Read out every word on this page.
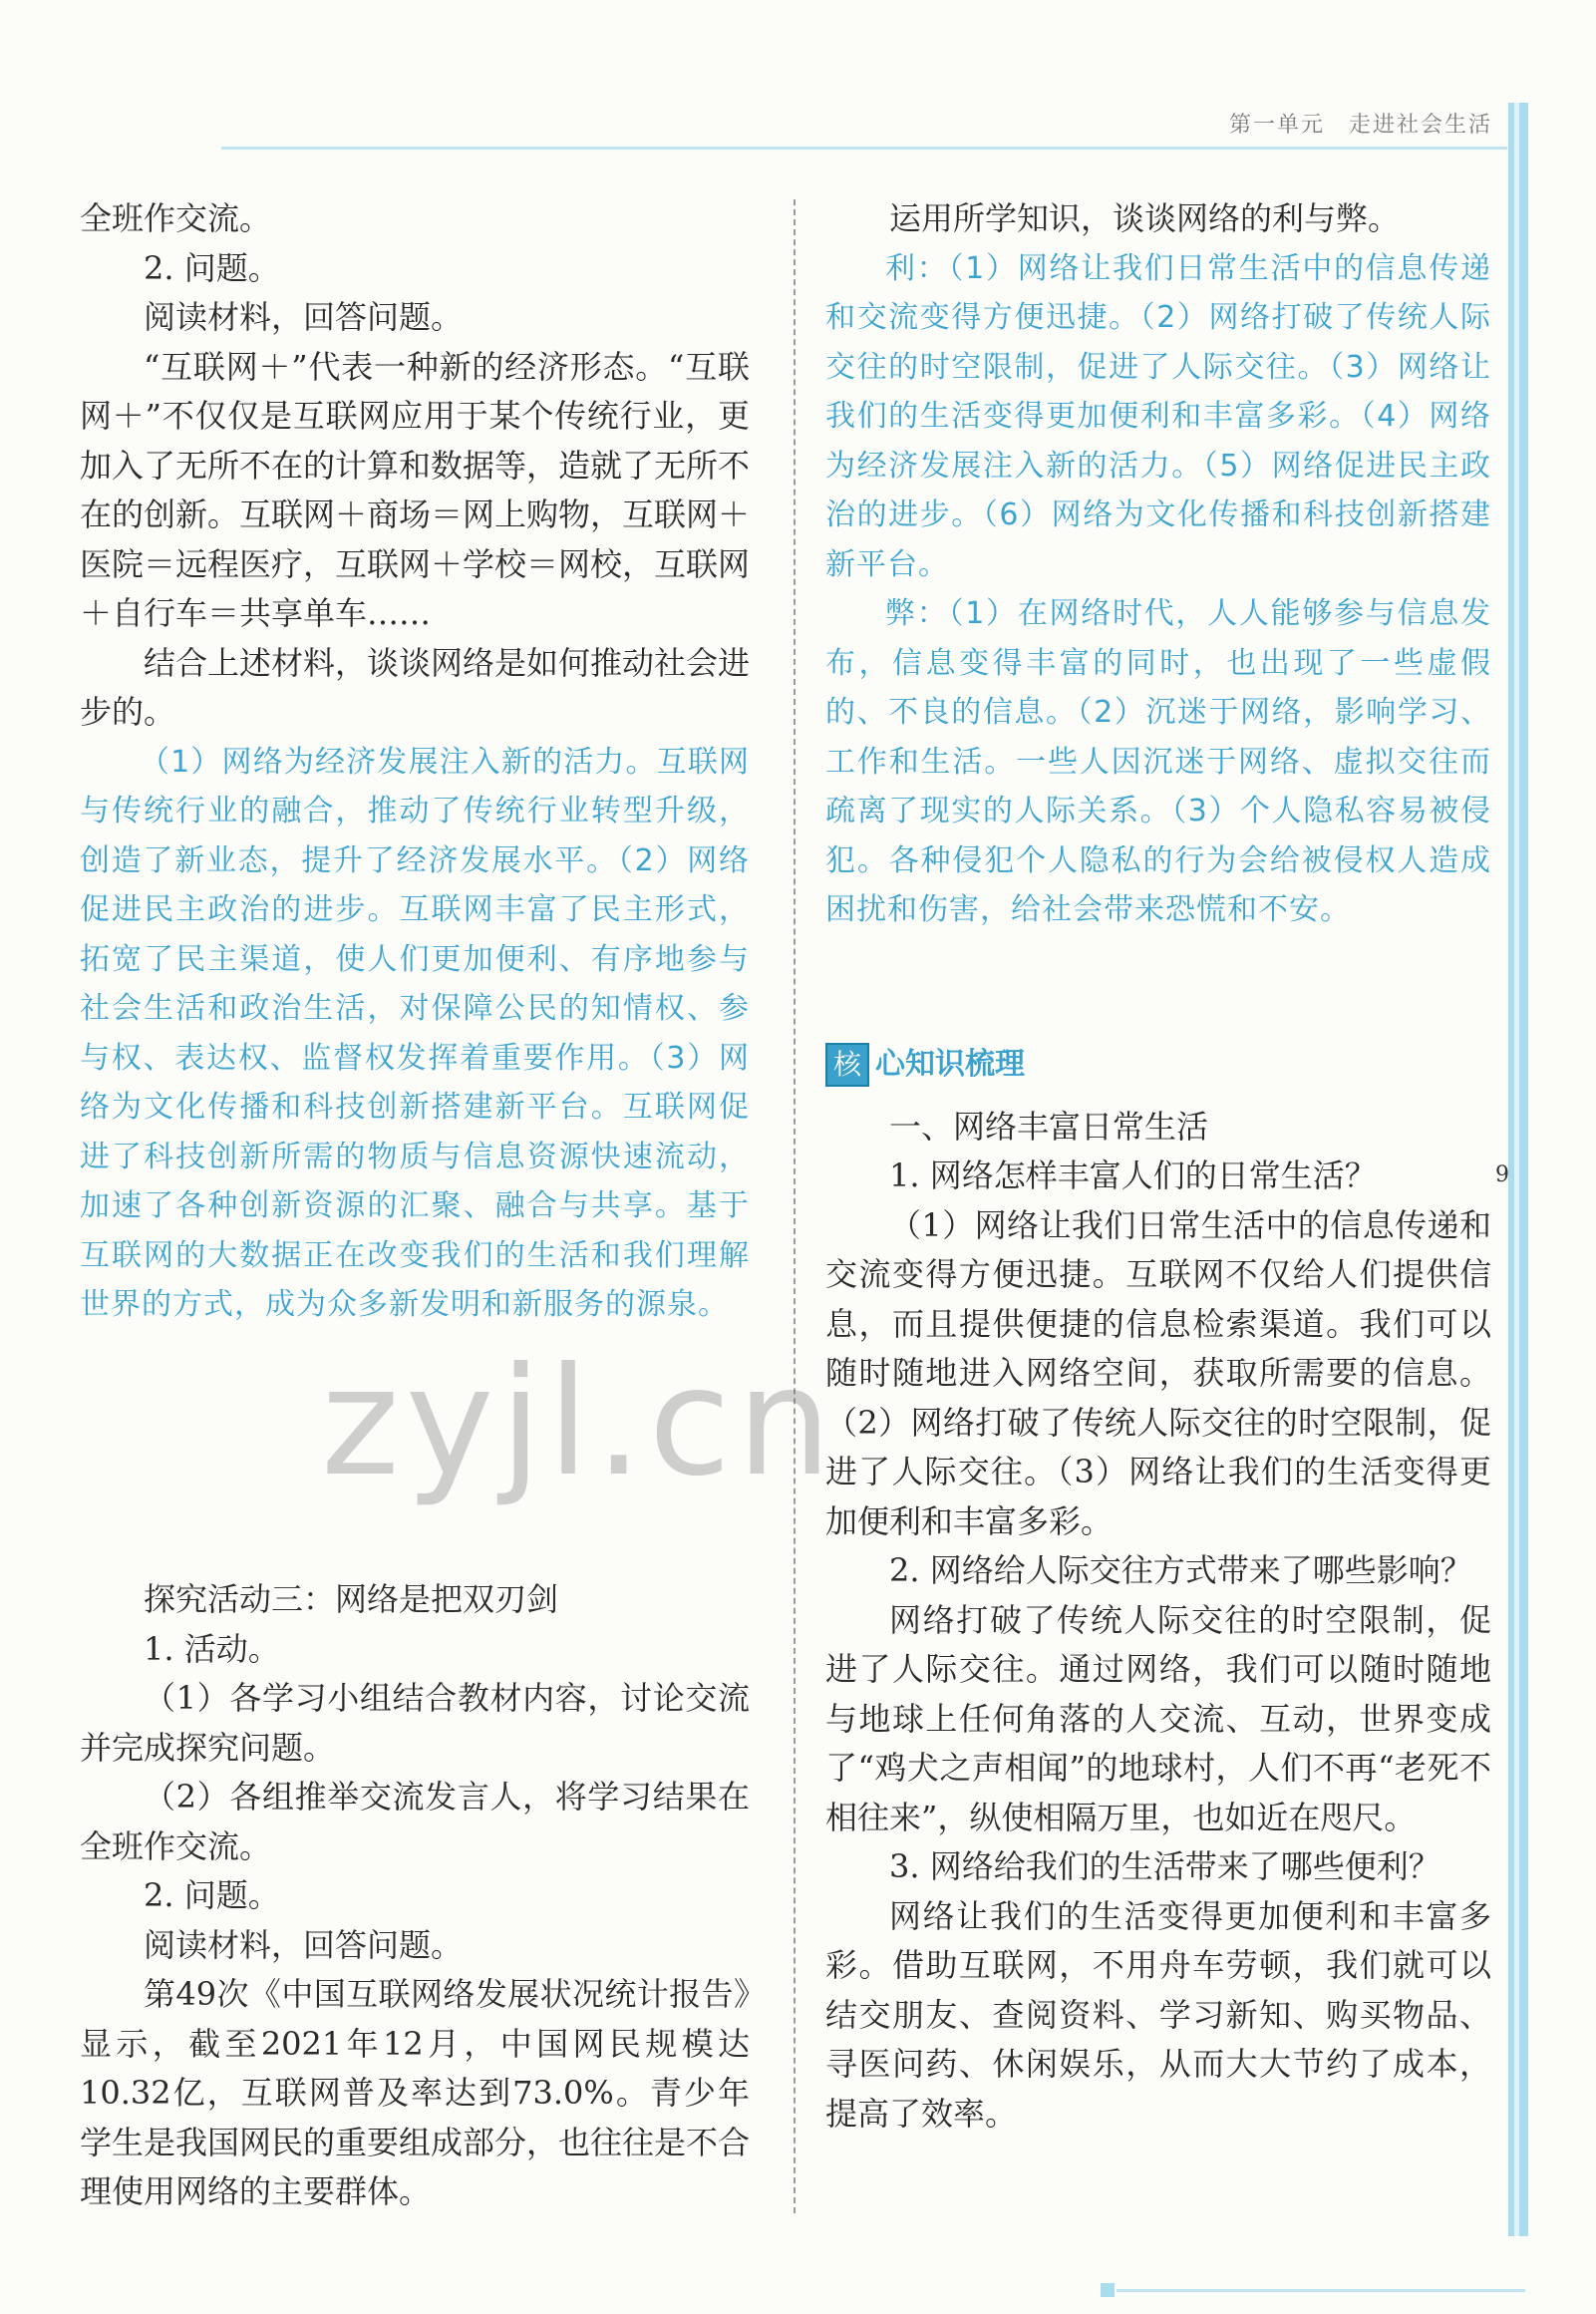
第一单元　走进社会生活
9

全班作交流。

2. 问题。

阅读材料，回答问题。

“互联网＋”代表一种新的经济形态。“互联网＋”不仅仅是互联网应用于某个传统行业，更加入了无所不在的计算和数据等，造就了无所不在的创新。互联网＋商场＝网上购物，互联网＋医院＝远程医疗，互联网＋学校＝网校，互联网＋自行车＝共享单车……

结合上述材料，谈谈网络是如何推动社会进步的。

（1）网络为经济发展注入新的活力。互联网与传统行业的融合，推动了传统行业转型升级，创造了新业态，提升了经济发展水平。（2）网络促进民主政治的进步。互联网丰富了民主形式，拓宽了民主渠道，使人们更加便利、有序地参与社会生活和政治生活，对保障公民的知情权、参与权、表达权、监督权发挥着重要作用。（3）网络为文化传播和科技创新搭建新平台。互联网促进了科技创新所需的物质与信息资源快速流动，加速了各种创新资源的汇聚、融合与共享。基于互联网的大数据正在改变我们的生活和我们理解世界的方式，成为众多新发明和新服务的源泉。

zyjl.cn

探究活动三：网络是把双刃剑

1. 活动。

（1）各学习小组结合教材内容，讨论交流并完成探究问题。

（2）各组推举交流发言人，将学习结果在全班作交流。

2. 问题。

阅读材料，回答问题。

第49次《中国互联网络发展状况统计报告》显示，截至2021年12月，中国网民规模达10.32亿，互联网普及率达到73.0%。青少年学生是我国网民的重要组成部分，也往往是不合理使用网络的主要群体。

运用所学知识，谈谈网络的利与弊。

利：（1）网络让我们日常生活中的信息传递和交流变得方便迅捷。（2）网络打破了传统人际交往的时空限制，促进了人际交往。（3）网络让我们的生活变得更加便利和丰富多彩。（4）网络为经济发展注入新的活力。（5）网络促进民主政治的进步。（6）网络为文化传播和科技创新搭建新平台。

弊：（1）在网络时代，人人能够参与信息发布，信息变得丰富的同时，也出现了一些虚假的、不良的信息。（2）沉迷于网络，影响学习、工作和生活。一些人因沉迷于网络、虚拟交往而疏离了现实的人际关系。（3）个人隐私容易被侵犯。各种侵犯个人隐私的行为会给被侵权人造成困扰和伤害，给社会带来恐慌和不安。

核 心知识梳理

一、网络丰富日常生活

1. 网络怎样丰富人们的日常生活？

（1）网络让我们日常生活中的信息传递和交流变得方便迅捷。互联网不仅给人们提供信息，而且提供便捷的信息检索渠道。我们可以随时随地进入网络空间，获取所需要的信息。（2）网络打破了传统人际交往的时空限制，促进了人际交往。（3）网络让我们的生活变得更加便利和丰富多彩。

2. 网络给人际交往方式带来了哪些影响？

网络打破了传统人际交往的时空限制，促进了人际交往。通过网络，我们可以随时随地与地球上任何角落的人交流、互动，世界变成了“鸡犬之声相闻”的地球村，人们不再“老死不相往来”，纵使相隔万里，也如近在咫尺。

3. 网络给我们的生活带来了哪些便利？

网络让我们的生活变得更加便利和丰富多彩。借助互联网，不用舟车劳顿，我们就可以结交朋友、查阅资料、学习新知、购买物品、寻医问药、休闲娱乐，从而大大节约了成本，提高了效率。
